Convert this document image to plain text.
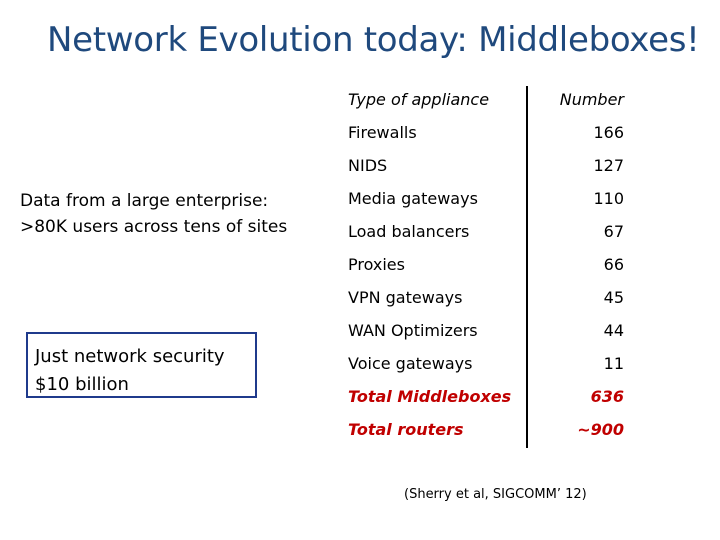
Network Evolution today: Middleboxes!
Data from a large enterprise:
>80K users across tens of sites
Just network security
$10 billion
Type of appliance	Number
Firewalls	166
NIDS	127
Media gateways	110
Load balancers	67
Proxies	66
VPN gateways	45
WAN Optimizers	44
Voice gateways	11
Total Middleboxes	636
Total routers	~900
(Sherry et al, SIGCOMM’ 12)
